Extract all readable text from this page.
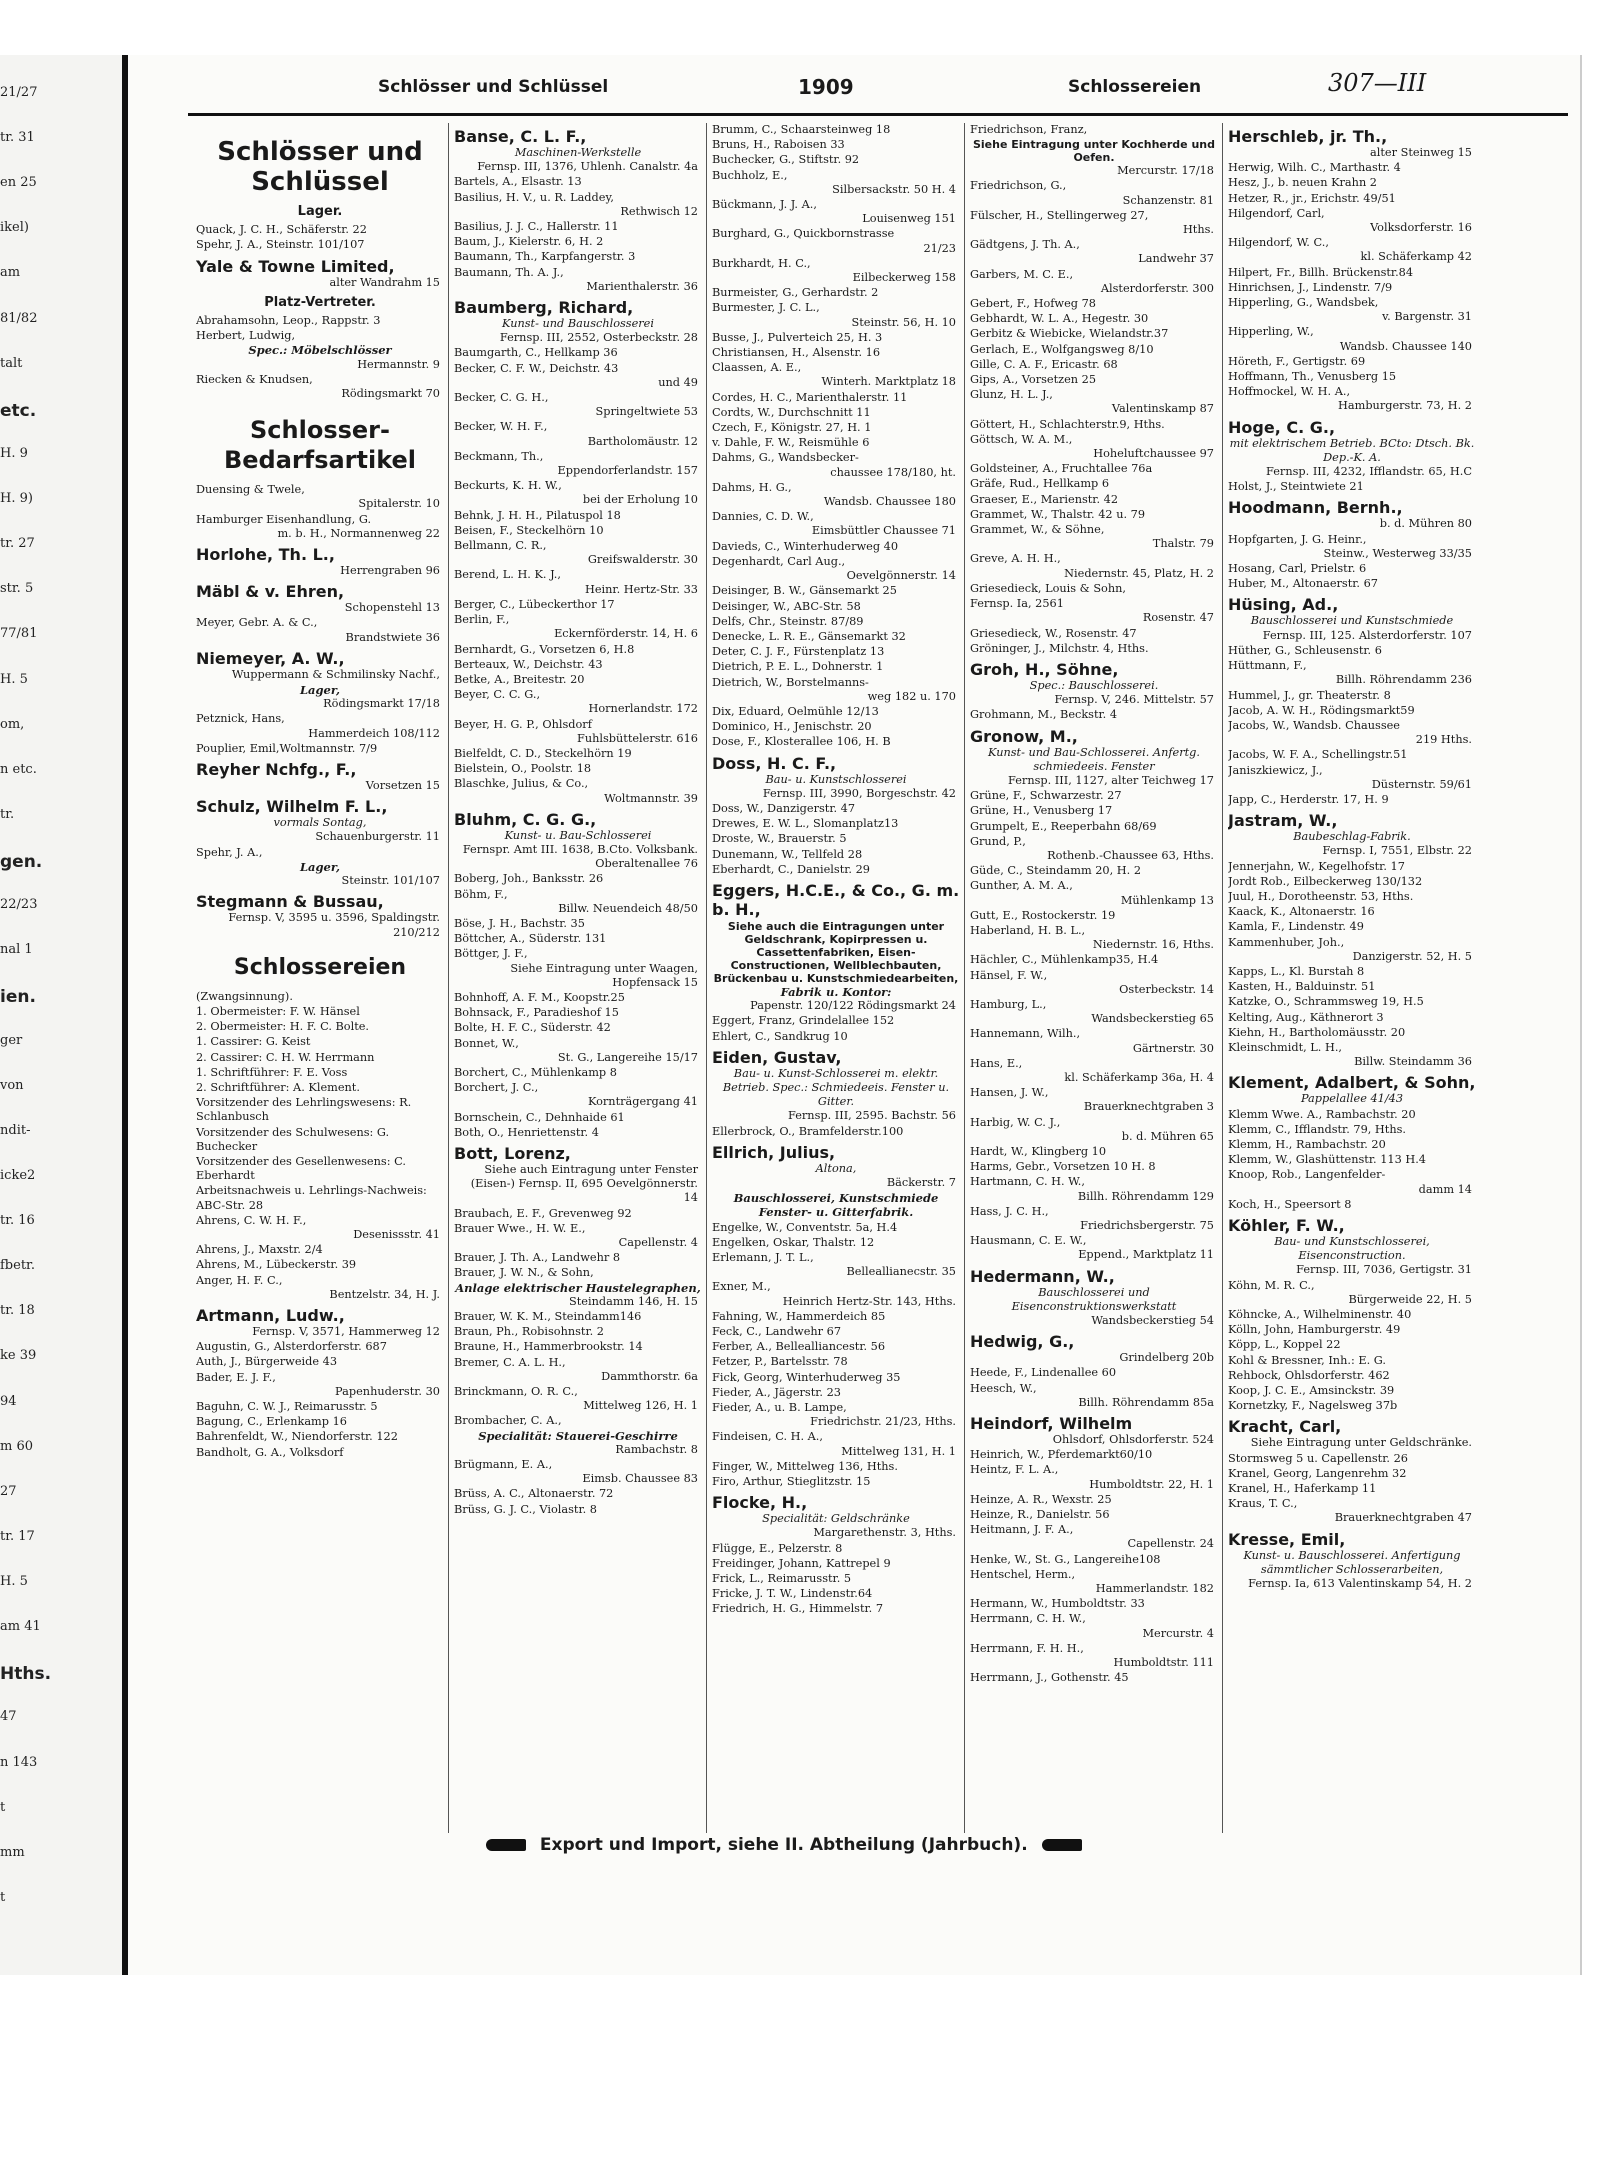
21/27
tr. 31
en 25
ikel)
am
81/82
talt
etc.
H. 9
H. 9)
tr. 27
str. 5
77/81
H. 5
om,
n etc.
tr.
gen.
22/23
nal 1
ien.
ger
von
ndit-
icke2
tr. 16
fbetr.
tr. 18
ke 39
94
m 60
27
tr. 17
H. 5
am 41
Hths.
47
n 143
t
mm
t
Schlösser und Schlüssel	1909	Schlossereien	307—III
Schlösser und Schlüssel
Lager.
Quack, J. C. H., Schäferstr. 22
Spehr, J. A., Steinstr. 101/107
Yale & Towne Limited,
alter Wandrahm 15
Platz-Vertreter.
Abrahamsohn, Leop., Rappstr. 3
Herbert, Ludwig,
Spec.: Möbelschlösser
Hermannstr. 9
Riecken & Knudsen,
Rödingsmarkt 70
Schlosser-Bedarfsartikel
Duensing & Twele,
Spitalerstr. 10
Hamburger Eisenhandlung, G.
m. b. H., Normannenweg 22
Horlohe, Th. L.,
Herrengraben 96
Mäbl & v. Ehren,
Schopenstehl 13
Meyer, Gebr. A. & C.,
Brandstwiete 36
Niemeyer, A. W.,
Wuppermann & Schmilinsky Nachf.,
Lager,
Rödingsmarkt 17/18
Petznick, Hans,
Hammerdeich 108/112
Pouplier, Emil,Woltmannstr. 7/9
Reyher Nchfg., F.,
Vorsetzen 15
Schulz, Wilhelm F. L.,
vormals Sontag,
Schauenburgerstr. 11
Spehr, J. A.,
Lager,
Steinstr. 101/107
Stegmann & Bussau,
Fernsp. V, 3595 u. 3596, Spaldingstr. 210/212
Schlossereien
(Zwangsinnung).
1. Obermeister: F. W. Hänsel
2. Obermeister: H. F. C. Bolte.
1. Cassirer: G. Keist
2. Cassirer: C. H. W. Herrmann
1. Schriftführer: F. E. Voss
2. Schriftführer: A. Klement.
Vorsitzender des Lehrlingswesens: R. Schlanbusch
Vorsitzender des Schulwesens: G. Buchecker
Vorsitzender des Gesellenwesens: C. Eberhardt
Arbeitsnachweis u. Lehrlings-Nachweis: ABC-Str. 28
Ahrens, C. W. H. F.,
Desenissstr. 41
Ahrens, J., Maxstr. 2/4
Ahrens, M., Lübeckerstr. 39
Anger, H. F. C.,
Bentzelstr. 34, H. J.
Artmann, Ludw.,
Fernsp. V, 3571, Hammerweg 12
Augustin, G., Alsterdorferstr. 687
Auth, J., Bürgerweide 43
Bader, E. J. F.,
Papenhuderstr. 30
Baguhn, C. W. J., Reimarusstr. 5
Bagung, C., Erlenkamp 16
Bahrenfeldt, W., Niendorferstr. 122
Bandholt, G. A., Volksdorf
Banse, C. L. F.,
Maschinen-Werkstelle
Fernsp. III, 1376, Uhlenh. Canalstr. 4a
Bartels, A., Elsastr. 13
Basilius, H. V., u. R. Laddey,
Rethwisch 12
Basilius, J. J. C., Hallerstr. 11
Baum, J., Kielerstr. 6, H. 2
Baumann, Th., Karpfangerstr. 3
Baumann, Th. A. J.,
Marienthalerstr. 36
Baumberg, Richard,
Kunst- und Bauschlosserei
Fernsp. III, 2552, Osterbeckstr. 28
Baumgarth, C., Hellkamp 36
Becker, C. F. W., Deichstr. 43
und 49
Becker, C. G. H.,
Springeltwiete 53
Becker, W. H. F.,
Bartholomäustr. 12
Beckmann, Th.,
Eppendorferlandstr. 157
Beckurts, K. H. W.,
bei der Erholung 10
Behnk, J. H. H., Pilatuspol 18
Beisen, F., Steckelhörn 10
Bellmann, C. R.,
Greifswalderstr. 30
Berend, L. H. K. J.,
Heinr. Hertz-Str. 33
Berger, C., Lübeckerthor 17
Berlin, F.,
Eckernförderstr. 14, H. 6
Bernhardt, G., Vorsetzen 6, H.8
Berteaux, W., Deichstr. 43
Betke, A., Breitestr. 20
Beyer, C. C. G.,
Hornerlandstr. 172
Beyer, H. G. P., Ohlsdorf
Fuhlsbüttelerstr. 616
Bielfeldt, C. D., Steckelhörn 19
Bielstein, O., Poolstr. 18
Blaschke, Julius, & Co.,
Woltmannstr. 39
Bluhm, C. G. G.,
Kunst- u. Bau-Schlosserei
Fernspr. Amt III. 1638, B.Cto. Volksbank. Oberaltenallee 76
Boberg, Joh., Banksstr. 26
Böhm, F.,
Billw. Neuendeich 48/50
Böse, J. H., Bachstr. 35
Böttcher, A., Süderstr. 131
Böttger, J. F.,
Siehe Eintragung unter Waagen, Hopfensack 15
Bohnhoff, A. F. M., Koopstr.25
Bohnsack, F., Paradieshof 15
Bolte, H. F. C., Süderstr. 42
Bonnet, W.,
St. G., Langereihe 15/17
Borchert, C., Mühlenkamp 8
Borchert, J. C.,
Kornträgergang 41
Bornschein, C., Dehnhaide 61
Both, O., Henriettenstr. 4
Bott, Lorenz,
Siehe auch Eintragung unter Fenster (Eisen-) Fernsp. II, 695 Oevelgönnerstr. 14
Braubach, E. F., Grevenweg 92
Brauer Wwe., H. W. E.,
Capellenstr. 4
Brauer, J. Th. A., Landwehr 8
Brauer, J. W. N., & Sohn,
Anlage elektrischer Haustelegraphen,
Steindamm 146, H. 15
Brauer, W. K. M., Steindamm146
Braun, Ph., Robisohnstr. 2
Braune, H., Hammerbrookstr. 14
Bremer, C. A. L. H.,
Dammthorstr. 6a
Brinckmann, O. R. C.,
Mittelweg 126, H. 1
Brombacher, C. A.,
Specialität: Stauerei-Geschirre
Rambachstr. 8
Brügmann, E. A.,
Eimsb. Chaussee 83
Brüss, A. C., Altonaerstr. 72
Brüss, G. J. C., Violastr. 8
Brumm, C., Schaarsteinweg 18
Bruns, H., Raboisen 33
Buchecker, G., Stiftstr. 92
Buchholz, E.,
Silbersackstr. 50 H. 4
Bückmann, J. J. A.,
Louisenweg 151
Burghard, G., Quickbornstrasse
21/23
Burkhardt, H. C.,
Eilbeckerweg 158
Burmeister, G., Gerhardstr. 2
Burmester, J. C. L.,
Steinstr. 56, H. 10
Busse, J., Pulverteich 25, H. 3
Christiansen, H., Alsenstr. 16
Claassen, A. E.,
Winterh. Marktplatz 18
Cordes, H. C., Marienthalerstr. 11
Cordts, W., Durchschnitt 11
Czech, F., Königstr. 27, H. 1
v. Dahle, F. W., Reismühle 6
Dahms, G., Wandsbecker-
chaussee 178/180, ht.
Dahms, H. G.,
Wandsb. Chaussee 180
Dannies, C. D. W.,
Eimsbüttler Chaussee 71
Davieds, C., Winterhuderweg 40
Degenhardt, Carl Aug.,
Oevelgönnerstr. 14
Deisinger, B. W., Gänsemarkt 25
Deisinger, W., ABC-Str. 58
Delfs, Chr., Steinstr. 87/89
Denecke, L. R. E., Gänsemarkt 32
Deter, C. J. F., Fürstenplatz 13
Dietrich, P. E. L., Dohnerstr. 1
Dietrich, W., Borstelmanns-
weg 182 u. 170
Dix, Eduard, Oelmühle 12/13
Dominico, H., Jenischstr. 20
Dose, F., Klosterallee 106, H. B
Doss, H. C. F.,
Bau- u. Kunstschlosserei
Fernsp. III, 3990, Borgeschstr. 42
Doss, W., Danzigerstr. 47
Drewes, E. W. L., Slomanplatz13
Droste, W., Brauerstr. 5
Dunemann, W., Tellfeld 28
Eberhardt, C., Danielstr. 29
Eggers, H.C.E., & Co., G. m. b. H.,
Siehe auch die Eintragungen unter Geldschrank, Kopirpressen u. Cassettenfabriken, Eisen-Constructionen, Wellblechbauten, Brückenbau u. Kunstschmiedearbeiten,
Fabrik u. Kontor:
Papenstr. 120/122 Rödingsmarkt 24
Eggert, Franz, Grindelallee 152
Ehlert, C., Sandkrug 10
Eiden, Gustav,
Bau- u. Kunst-Schlosserei m. elektr. Betrieb. Spec.: Schmiedeeis. Fenster u. Gitter.
Fernsp. III, 2595. Bachstr. 56
Ellerbrock, O., Bramfelderstr.100
Ellrich, Julius,
Altona,
Bäckerstr. 7
Bauschlosserei, Kunstschmiede Fenster- u. Gitterfabrik.
Engelke, W., Conventstr. 5a, H.4
Engelken, Oskar, Thalstr. 12
Erlemann, J. T. L.,
Belleallianecstr. 35
Exner, M.,
Heinrich Hertz-Str. 143, Hths.
Fahning, W., Hammerdeich 85
Feck, C., Landwehr 67
Ferber, A., Bellealliancestr. 56
Fetzer, P., Bartelsstr. 78
Fick, Georg, Winterhuderweg 35
Fieder, A., Jägerstr. 23
Fieder, A., u. B. Lampe,
Friedrichstr. 21/23, Hths.
Findeisen, C. H. A.,
Mittelweg 131, H. 1
Finger, W., Mittelweg 136, Hths.
Firo, Arthur, Stieglitzstr. 15
Flocke, H.,
Specialität: Geldschränke
Margarethenstr. 3, Hths.
Flügge, E., Pelzerstr. 8
Freidinger, Johann, Kattrepel 9
Frick, L., Reimarusstr. 5
Fricke, J. T. W., Lindenstr.64
Friedrich, H. G., Himmelstr. 7
Friedrichson, Franz,
Siehe Eintragung unter Kochherde und Oefen.
Mercurstr. 17/18
Friedrichson, G.,
Schanzenstr. 81
Fülscher, H., Stellingerweg 27,
Hths.
Gädtgens, J. Th. A.,
Landwehr 37
Garbers, M. C. E.,
Alsterdorferstr. 300
Gebert, F., Hofweg 78
Gebhardt, W. L. A., Hegestr. 30
Gerbitz & Wiebicke, Wielandstr.37
Gerlach, E., Wolfgangsweg 8/10
Gille, C. A. F., Ericastr. 68
Gips, A., Vorsetzen 25
Glunz, H. L. J.,
Valentinskamp 87
Göttert, H., Schlachterstr.9, Hths.
Göttsch, W. A. M.,
Hoheluftchaussee 97
Goldsteiner, A., Fruchtallee 76a
Gräfe, Rud., Hellkamp 6
Graeser, E., Marienstr. 42
Grammet, W., Thalstr. 42 u. 79
Grammet, W., & Söhne,
Thalstr. 79
Greve, A. H. H.,
Niedernstr. 45, Platz, H. 2
Griesedieck, Louis & Sohn,
Fernsp. Ia, 2561
Rosenstr. 47
Griesedieck, W., Rosenstr. 47
Gröninger, J., Milchstr. 4, Hths.
Groh, H., Söhne,
Spec.: Bauschlosserei.
Fernsp. V, 246. Mittelstr. 57
Grohmann, M., Beckstr. 4
Gronow, M.,
Kunst- und Bau-Schlosserei. Anfertg. schmiedeeis. Fenster
Fernsp. III, 1127, alter Teichweg 17
Grüne, F., Schwarzestr. 27
Grüne, H., Venusberg 17
Grumpelt, E., Reeperbahn 68/69
Grund, P.,
Rothenb.-Chaussee 63, Hths.
Güde, C., Steindamm 20, H. 2
Gunther, A. M. A.,
Mühlenkamp 13
Gutt, E., Rostockerstr. 19
Haberland, H. B. L.,
Niedernstr. 16, Hths.
Hächler, C., Mühlenkamp35, H.4
Hänsel, F. W.,
Osterbeckstr. 14
Hamburg, L.,
Wandsbeckerstieg 65
Hannemann, Wilh.,
Gärtnerstr. 30
Hans, E.,
kl. Schäferkamp 36a, H. 4
Hansen, J. W.,
Brauerknechtgraben 3
Harbig, W. C. J.,
b. d. Mühren 65
Hardt, W., Klingberg 10
Harms, Gebr., Vorsetzen 10 H. 8
Hartmann, C. H. W.,
Billh. Röhrendamm 129
Hass, J. C. H.,
Friedrichsbergerstr. 75
Hausmann, C. E. W.,
Eppend., Marktplatz 11
Hedermann, W.,
Bauschlosserei und Eisenconstruktionswerkstatt
Wandsbeckerstieg 54
Hedwig, G.,
Grindelberg 20b
Heede, F., Lindenallee 60
Heesch, W.,
Billh. Röhrendamm 85a
Heindorf, Wilhelm
Ohlsdorf, Ohlsdorferstr. 524
Heinrich, W., Pferdemarkt60/10
Heintz, F. L. A.,
Humboldtstr. 22, H. 1
Heinze, A. R., Wexstr. 25
Heinze, R., Danielstr. 56
Heitmann, J. F. A.,
Capellenstr. 24
Henke, W., St. G., Langereihe108
Hentschel, Herm.,
Hammerlandstr. 182
Hermann, W., Humboldtstr. 33
Herrmann, C. H. W.,
Mercurstr. 4
Herrmann, F. H. H.,
Humboldtstr. 111
Herrmann, J., Gothenstr. 45
Herschleb, jr. Th.,
alter Steinweg 15
Herwig, Wilh. C., Marthastr. 4
Hesz, J., b. neuen Krahn 2
Hetzer, R., jr., Erichstr. 49/51
Hilgendorf, Carl,
Volksdorferstr. 16
Hilgendorf, W. C.,
kl. Schäferkamp 42
Hilpert, Fr., Billh. Brückenstr.84
Hinrichsen, J., Lindenstr. 7/9
Hipperling, G., Wandsbek,
v. Bargenstr. 31
Hipperling, W.,
Wandsb. Chaussee 140
Höreth, F., Gertigstr. 69
Hoffmann, Th., Venusberg 15
Hoffmockel, W. H. A.,
Hamburgerstr. 73, H. 2
Hoge, C. G.,
mit elektrischem Betrieb. BCto: Dtsch. Bk. Dep.-K. A.
Fernsp. III, 4232, Ifflandstr. 65, H.C
Holst, J., Steintwiete 21
Hoodmann, Bernh.,
b. d. Mühren 80
Hopfgarten, J. G. Heinr.,
Steinw., Westerweg 33/35
Hosang, Carl, Prielstr. 6
Huber, M., Altonaerstr. 67
Hüsing, Ad.,
Bauschlosserei und Kunstschmiede
Fernsp. III, 125. Alsterdorferstr. 107
Hüther, G., Schleusenstr. 6
Hüttmann, F.,
Billh. Röhrendamm 236
Hummel, J., gr. Theaterstr. 8
Jacob, A. W. H., Rödingsmarkt59
Jacobs, W., Wandsb. Chaussee
219 Hths.
Jacobs, W. F. A., Schellingstr.51
Janiszkiewicz, J.,
Düsternstr. 59/61
Japp, C., Herderstr. 17, H. 9
Jastram, W.,
Baubeschlag-Fabrik.
Fernsp. I, 7551, Elbstr. 22
Jennerjahn, W., Kegelhofstr. 17
Jordt Rob., Eilbeckerweg 130/132
Juul, H., Dorotheenstr. 53, Hths.
Kaack, K., Altonaerstr. 16
Kamla, F., Lindenstr. 49
Kammenhuber, Joh.,
Danzigerstr. 52, H. 5
Kapps, L., Kl. Burstah 8
Kasten, H., Balduinstr. 51
Katzke, O., Schrammsweg 19, H.5
Kelting, Aug., Käthnerort 3
Kiehn, H., Bartholomäusstr. 20
Kleinschmidt, L. H.,
Billw. Steindamm 36
Klement, Adalbert, & Sohn,
Pappelallee 41/43
Klemm Wwe. A., Rambachstr. 20
Klemm, C., Ifflandstr. 79, Hths.
Klemm, H., Rambachstr. 20
Klemm, W., Glashüttenstr. 113 H.4
Knoop, Rob., Langenfelder-
damm 14
Koch, H., Speersort 8
Köhler, F. W.,
Bau- und Kunstschlosserei, Eisenconstruction.
Fernsp. III, 7036, Gertigstr. 31
Köhn, M. R. C.,
Bürgerweide 22, H. 5
Köhncke, A., Wilhelminenstr. 40
Kölln, John, Hamburgerstr. 49
Köpp, L., Koppel 22
Kohl & Bressner, Inh.: E. G.
Rehbock, Ohlsdorferstr. 462
Koop, J. C. E., Amsinckstr. 39
Kornetzky, F., Nagelsweg 37b
Kracht, Carl,
Siehe Eintragung unter Geldschränke.
Stormsweg 5 u. Capellenstr. 26
Kranel, Georg, Langenrehm 32
Kranel, H., Haferkamp 11
Kraus, T. C.,
Brauerknechtgraben 47
Kresse, Emil,
Kunst- u. Bauschlosserei. Anfertigung sämmtlicher Schlosserarbeiten,
Fernsp. Ia, 613 Valentinskamp 54, H. 2
Export und Import, siehe II. Abtheilung (Jahrbuch).
